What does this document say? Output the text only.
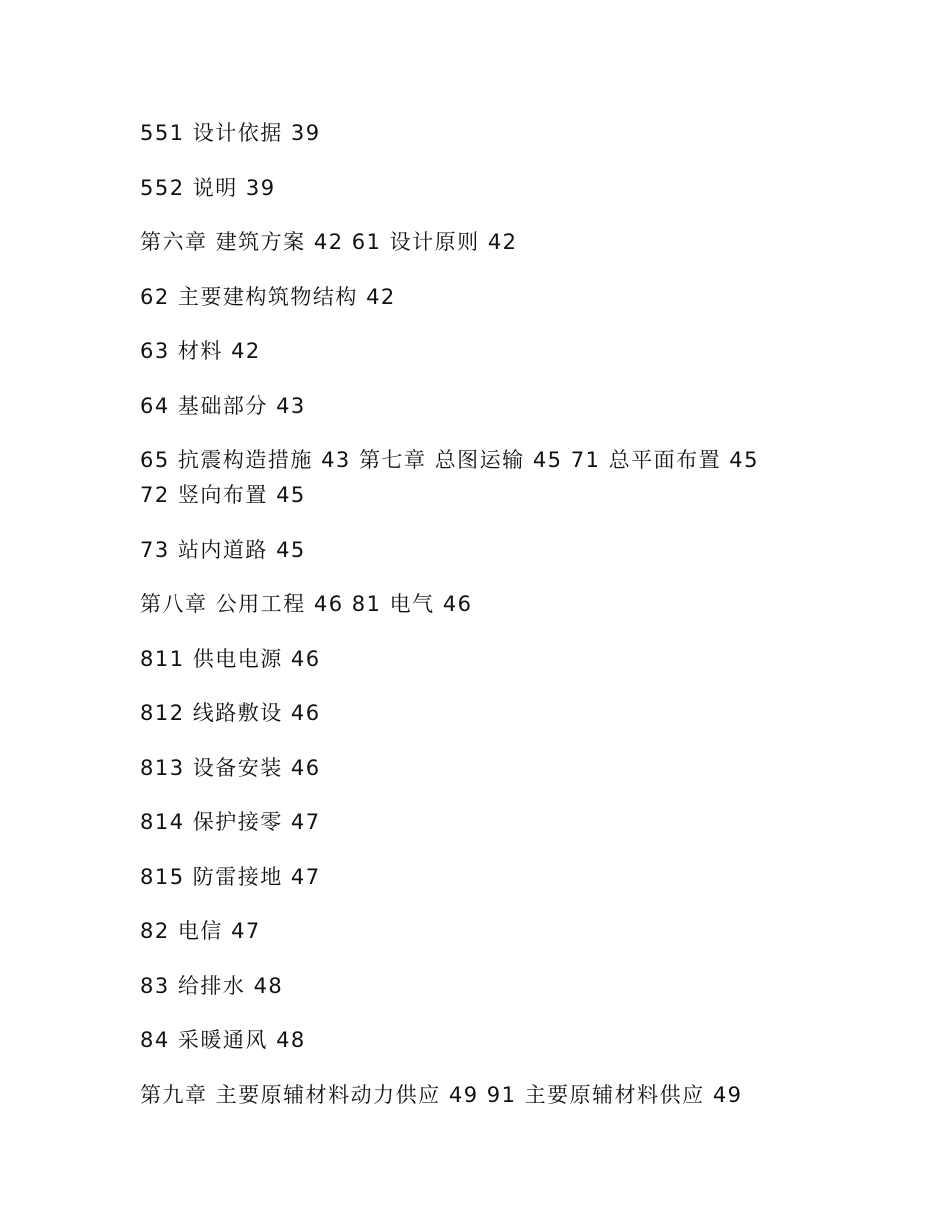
551 设计依据 39

552 说明 39

第六章 建筑方案 42 61 设计原则 42

62 主要建构筑物结构 42

63 材料 42

64 基础部分 43

65 抗震构造措施 43 第七章 总图运输 45 71 总平面布置 45

72 竖向布置 45

73 站内道路 45

第八章 公用工程 46 81 电气 46

811 供电电源 46

812 线路敷设 46

813 设备安装 46

814 保护接零 47

815 防雷接地 47

82 电信 47

83 给排水 48

84 采暖通风 48

第九章 主要原辅材料动力供应 49 91 主要原辅材料供应 49
